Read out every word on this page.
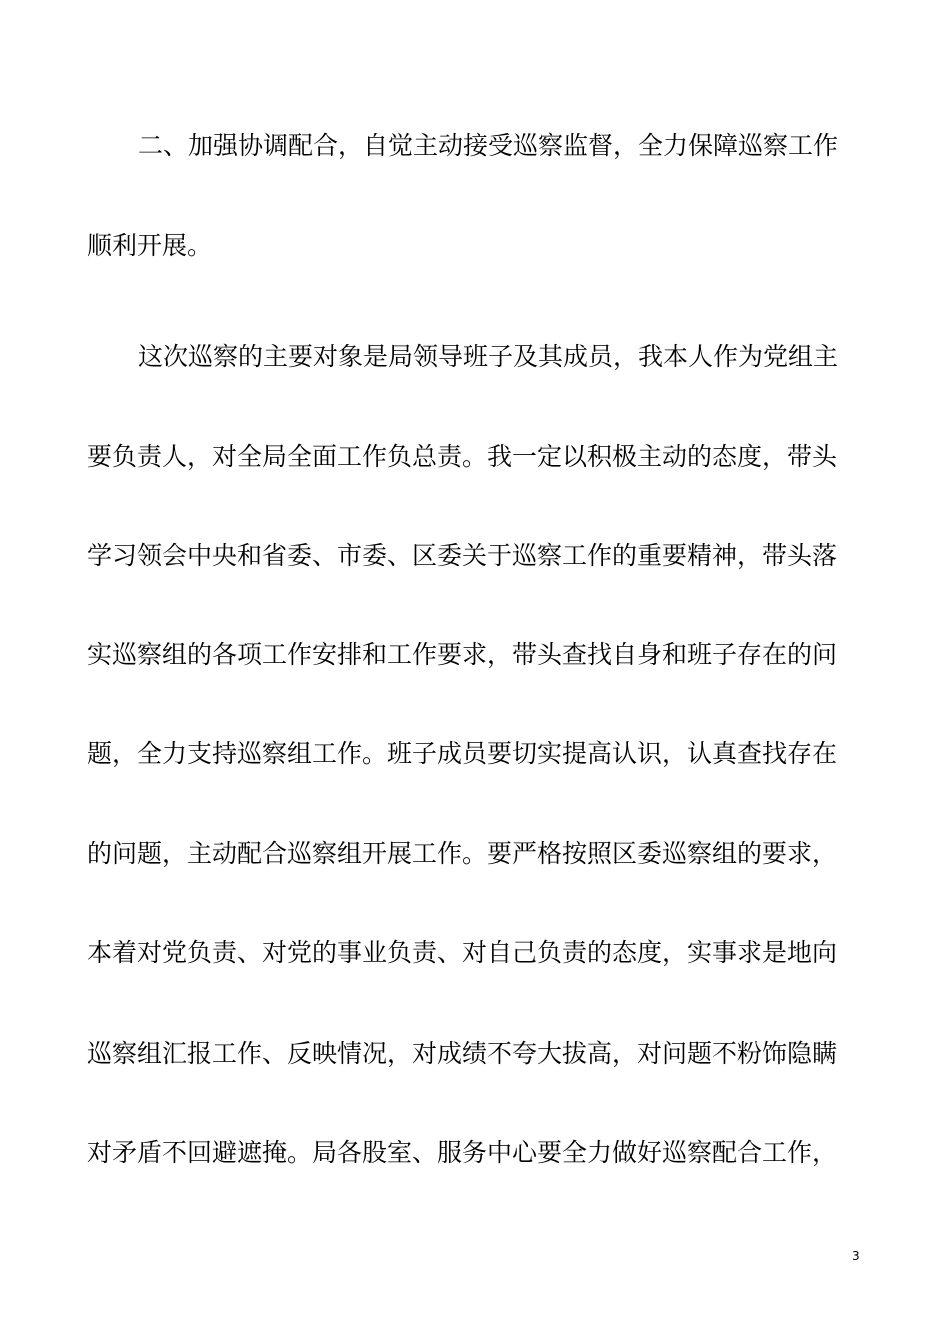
二、加强协调配合，自觉主动接受巡察监督，全力保障巡察工作
顺利开展。
这次巡察的主要对象是局领导班子及其成员，我本人作为党组主
要负责人，对全局全面工作负总责。我一定以积极主动的态度，带头
学习领会中央和省委、市委、区委关于巡察工作的重要精神，带头落
实巡察组的各项工作安排和工作要求，带头查找自身和班子存在的问
题，全力支持巡察组工作。班子成员要切实提高认识，认真查找存在
的问题，主动配合巡察组开展工作。要严格按照区委巡察组的要求，
本着对党负责、对党的事业负责、对自己负责的态度，实事求是地向
巡察组汇报工作、反映情况，对成绩不夸大拔高，对问题不粉饰隐瞒
对矛盾不回避遮掩。局各股室、服务中心要全力做好巡察配合工作，
3
